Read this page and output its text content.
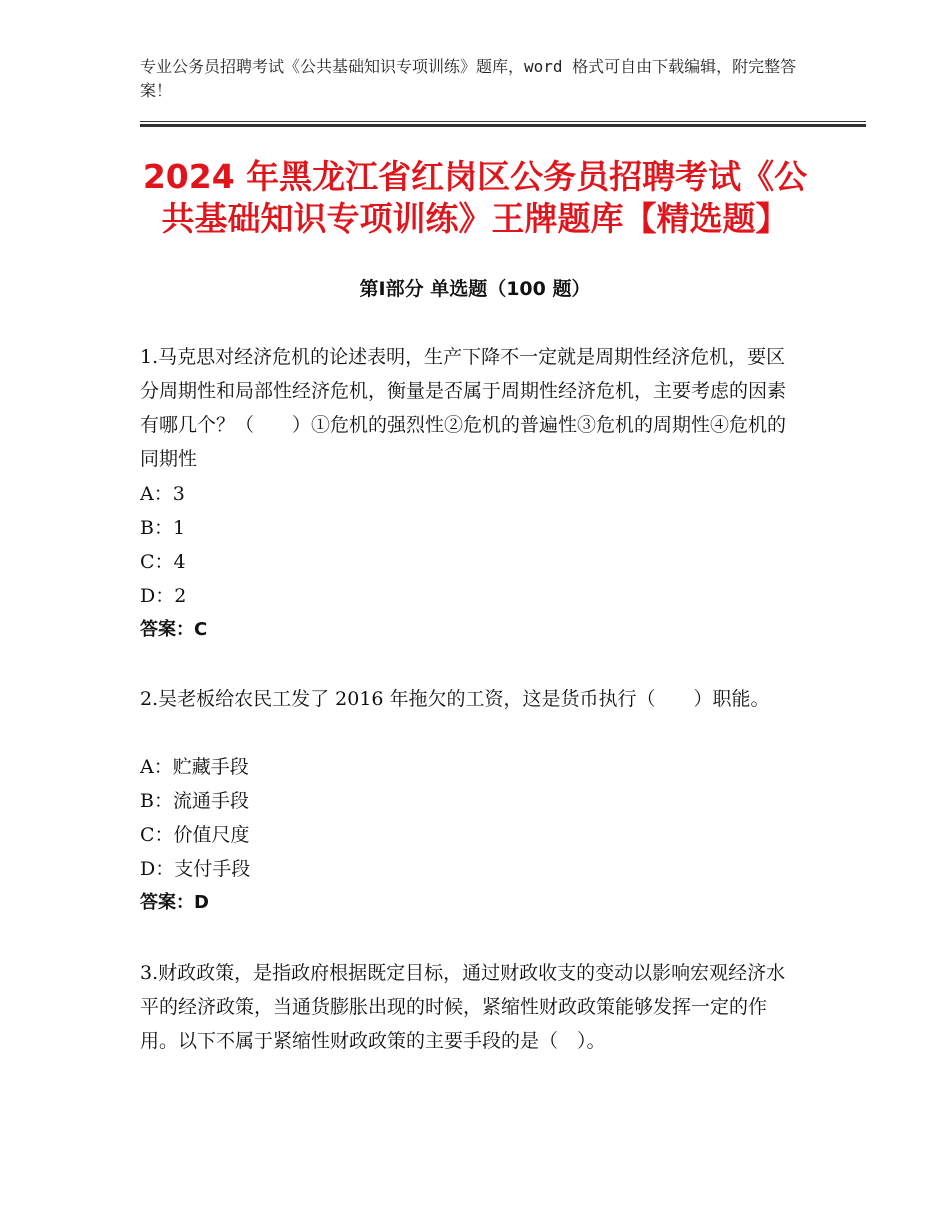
专业公务员招聘考试《公共基础知识专项训练》题库，word 格式可自由下载编辑，附完整答案！
2024 年黑龙江省红岗区公务员招聘考试《公共基础知识专项训练》王牌题库【精选题】
第Ⅰ部分 单选题（100 题）
1.马克思对经济危机的论述表明，生产下降不一定就是周期性经济危机，要区分周期性和局部性经济危机，衡量是否属于周期性经济危机，主要考虑的因素有哪几个？（　　）①危机的强烈性②危机的普遍性③危机的周期性④危机的同期性
A：3
B：1
C：4
D：2
答案：C
2.吴老板给农民工发了 2016 年拖欠的工资，这是货币执行（　　）职能。
A：贮藏手段
B：流通手段
C：价值尺度
D：支付手段
答案：D
3.财政政策，是指政府根据既定目标，通过财政收支的变动以影响宏观经济水平的经济政策，当通货膨胀出现的时候，紧缩性财政政策能够发挥一定的作用。以下不属于紧缩性财政政策的主要手段的是（　）。
